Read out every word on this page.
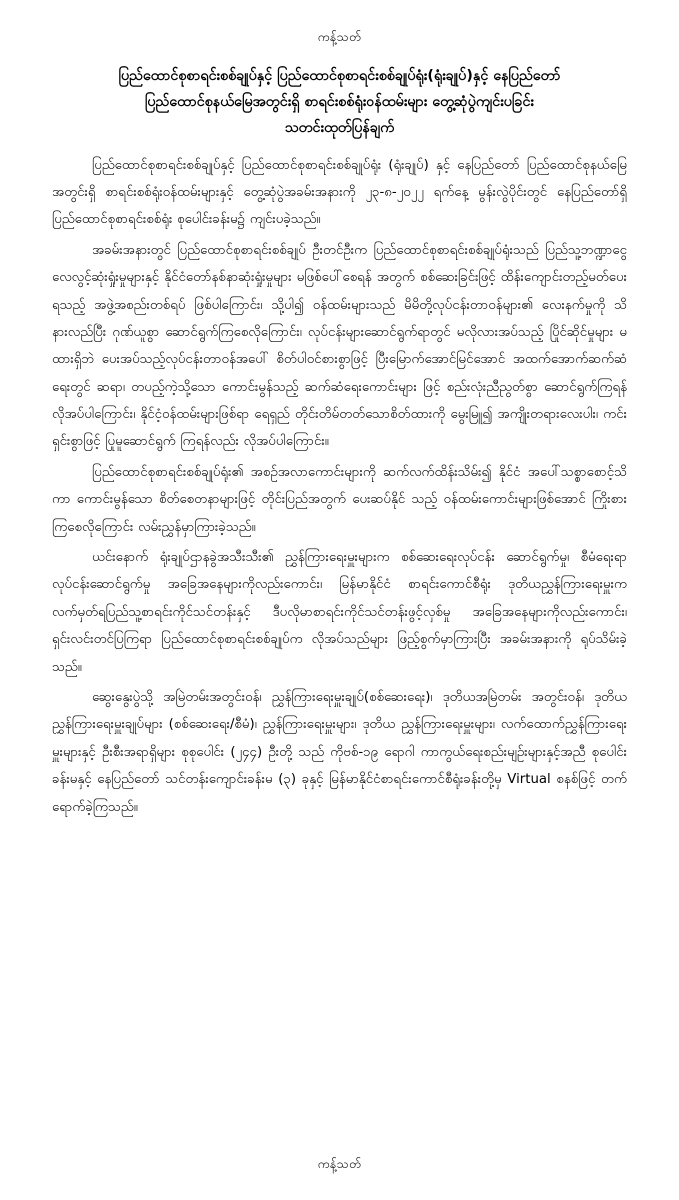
ကန့်သတ်
ပြည်ထောင်စုစာရင်းစစ်ချုပ်နှင့် ပြည်ထောင်စုစာရင်းစစ်ချုပ်ရုံး(ရုံးချုပ်)နှင့် နေပြည်တော်
ပြည်ထောင်စုနယ်မြေအတွင်းရှိ စာရင်းစစ်ရုံးဝန်ထမ်းများ တွေ့ဆုံပွဲကျင်းပခြင်း
သတင်းထုတ်ပြန်ချက်

ပြည်ထောင်စုစာရင်းစစ်ချုပ်နှင့် ပြည်ထောင်စုစာရင်းစစ်ချုပ်ရုံး (ရုံးချုပ်) နှင့် နေပြည်တော် ပြည်ထောင်စုနယ်မြေအတွင်းရှိ စာရင်းစစ်ရုံးဝန်ထမ်းများနှင့် တွေ့ဆုံပွဲအခမ်းအနားကို ၂၃-၈-၂၀၂၂ ရက်နေ့ မွန်းလွဲပိုင်းတွင် နေပြည်တော်ရှိ ပြည်ထောင်စုစာရင်းစစ်ရုံး စုပေါင်းခန်းမ၌ ကျင်းပခဲ့သည်။

အခမ်းအနားတွင် ပြည်ထောင်စုစာရင်းစစ်ချုပ် ဦးတင်ဦးက ပြည်ထောင်စုစာရင်းစစ်ချုပ်ရုံးသည် ပြည်သူ့ဘဏ္ဍာငွေ လေလွင့်ဆုံးရှုံးမှုများနှင့် နိုင်ငံတော်နစ်နာဆုံးရှုံးမှုများ မဖြစ်ပေါ်စေရန် အတွက် စစ်ဆေးခြင်းဖြင့် ထိန်းကျောင်းတည့်မတ်ပေးရသည့် အဖွဲ့အစည်းတစ်ရပ် ဖြစ်ပါကြောင်း၊ သို့ပါ၍ ဝန်ထမ်းများသည် မိမိတို့လုပ်ငန်းတာဝန်များ၏ လေးနက်မှုကို သိနားလည်ပြီး ဂုဏ်ယူစွာ ဆောင်ရွက်ကြစေလိုကြောင်း၊ လုပ်ငန်းများဆောင်ရွက်ရာတွင် မလိုလားအပ်သည့် ပြိုင်ဆိုင်မှုများ မထားရှိဘဲ ပေးအပ်သည့်လုပ်ငန်းတာဝန်အပေါ် စိတ်ပါဝင်စားစွာဖြင့် ပြီးမြောက်အောင်မြင်အောင် အထက်အောက်ဆက်ဆံရေးတွင် ဆရာ၊ တပည့်ကဲ့သို့သော ကောင်းမွန်သည့် ဆက်ဆံရေးကောင်းများ ဖြင့် စည်းလုံးညီညွတ်စွာ ဆောင်ရွက်ကြရန် လိုအပ်ပါကြောင်း၊ နိုင်ငံ့ဝန်ထမ်းများဖြစ်ရာ ရေရှည် တိုင်းတိမ်တတ်သောစိတ်ထားကို မွေးမြူ၍ အကျိုးတရားလေးပါး၊ ကင်းရှင်းစွာဖြင့် ပြုမူဆောင်ရွက် ကြရန်လည်း လိုအပ်ပါကြောင်း။

ပြည်ထောင်စုစာရင်းစစ်ချုပ်ရုံး၏ အစဉ်အလာကောင်းများကို ဆက်လက်ထိန်းသိမ်း၍ နိုင်ငံ အပေါ်သစ္စာစောင့်သိကာ ကောင်းမွန်သော စိတ်စေတနာများဖြင့် တိုင်းပြည်အတွက် ပေးဆပ်နိုင် သည့် ဝန်ထမ်းကောင်းများဖြစ်အောင် ကြိုးစားကြစေလိုကြောင်း လမ်းညွှန်မှာကြားခဲ့သည်။

ယင်းနောက် ရုံးချုပ်ဌာနခွဲအသီးသီး၏ ညွှန်ကြားရေးမှူးများက စစ်ဆေးရေးလုပ်ငန်း ဆောင်ရွက်မှု၊ စီမံရေးရာလုပ်ငန်းဆောင်ရွက်မှု အခြေအနေများကိုလည်းကောင်း၊ မြန်မာနိုင်ငံ စာရင်းကောင်စီရုံး ဒုတိယညွှန်ကြားရေးမှူးက လက်မှတ်ရပြည်သူ့စာရင်းကိုင်သင်တန်းနှင့် ဒီပလိုမာစာရင်းကိုင်သင်တန်းဖွင့်လှစ်မှု အခြေအနေများကိုလည်းကောင်း၊ ရှင်းလင်းတင်ပြကြရာ ပြည်ထောင်စုစာရင်းစစ်ချုပ်က လိုအပ်သည်များ ဖြည့်စွက်မှာကြားပြီး အခမ်းအနားကို ရုပ်သိမ်းခဲ့ သည်။

ဆွေးနွေးပွဲသို့ အမြဲတမ်းအတွင်းဝန်၊ ညွှန်ကြားရေးမှူးချုပ်(စစ်ဆေးရေး)၊ ဒုတိယအမြဲတမ်း အတွင်းဝန်၊ ဒုတိယညွှန်ကြားရေးမှူးချုပ်များ (စစ်ဆေးရေး/စီမံ)၊ ညွှန်ကြားရေးမှူးများ၊ ဒုတိယ ညွှန်ကြားရေးမှူးများ၊ လက်ထောက်ညွှန်ကြားရေးမှူးများနှင့် ဦးစီးအရာရှိများ စုစုပေါင်း (၂၄၄) ဦးတို့ သည် ကိုဗစ်-၁၉ ရောဂါ ကာကွယ်ရေးစည်းမျဉ်းများနှင့်အညီ စုပေါင်းခန်းမနှင့် နေပြည်တော် သင်တန်းကျောင်းခန်းမ (၃) ခုနှင့် မြန်မာနိုင်ငံစာရင်းကောင်စီရုံးခန်းတို့မှ Virtual စနစ်ဖြင့် တက်ရောက်ခဲ့ကြသည်။

ကန့်သတ်
